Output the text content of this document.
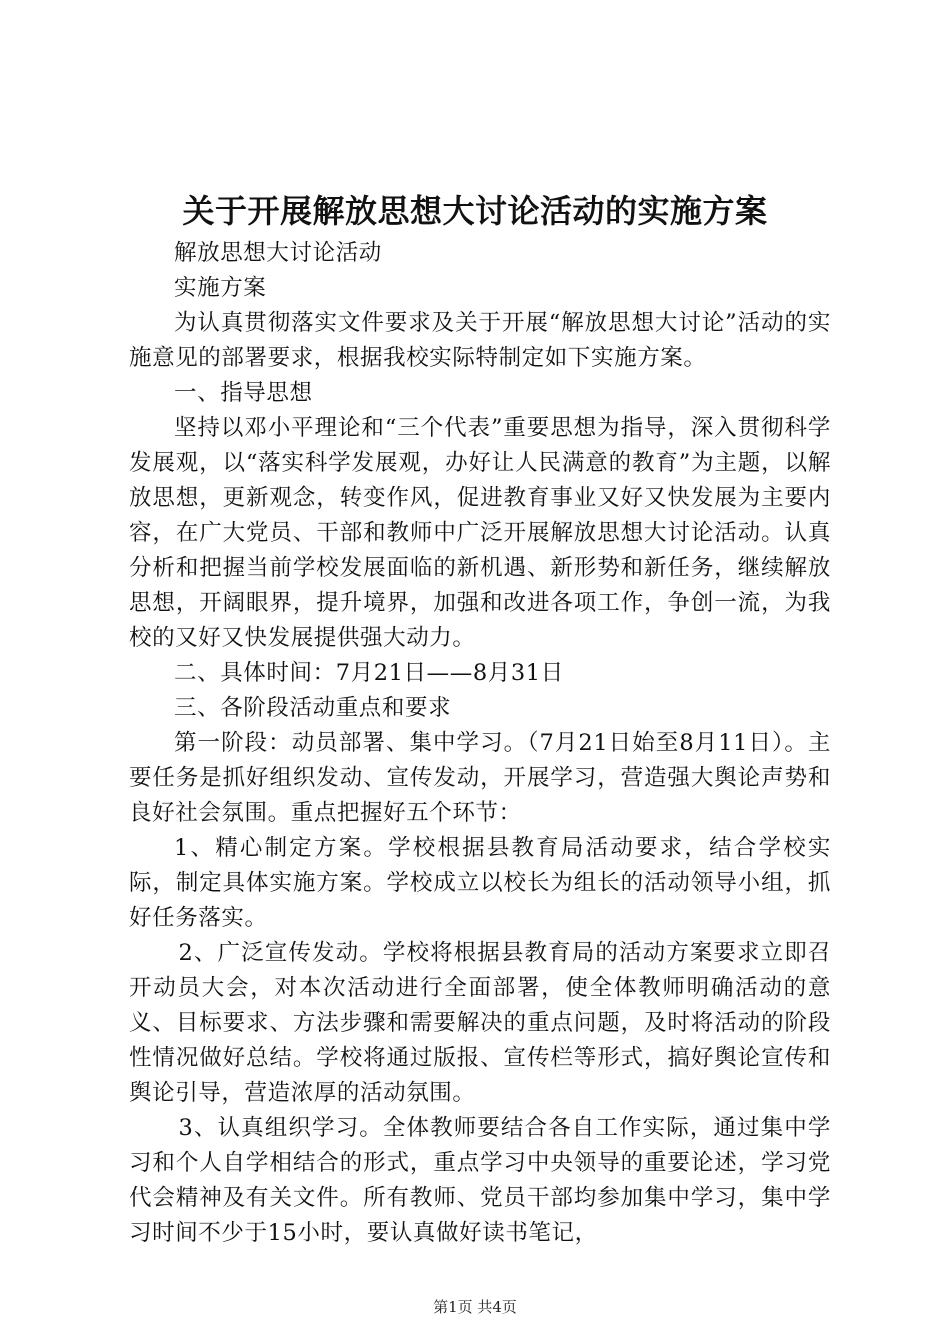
关于开展解放思想大讨论活动的实施方案

解放思想大讨论活动

实施方案

为认真贯彻落实文件要求及关于开展“解放思想大讨论”活动的实施意见的部署要求，根据我校实际特制定如下实施方案。

一、指导思想

坚持以邓小平理论和“三个代表”重要思想为指导，深入贯彻科学发展观，以“落实科学发展观，办好让人民满意的教育”为主题，以解放思想，更新观念，转变作风，促进教育事业又好又快发展为主要内容，在广大党员、干部和教师中广泛开展解放思想大讨论活动。认真分析和把握当前学校发展面临的新机遇、新形势和新任务，继续解放思想，开阔眼界，提升境界，加强和改进各项工作，争创一流，为我校的又好又快发展提供强大动力。

二、具体时间：7月21日——8月31日

三、各阶段活动重点和要求

第一阶段：动员部署、集中学习。（7月21日始至8月11日）。主要任务是抓好组织发动、宣传发动，开展学习，营造强大舆论声势和良好社会氛围。重点把握好五个环节：

1、精心制定方案。学校根据县教育局活动要求，结合学校实际，制定具体实施方案。学校成立以校长为组长的活动领导小组，抓好任务落实。

2、广泛宣传发动。学校将根据县教育局的活动方案要求立即召开动员大会，对本次活动进行全面部署，使全体教师明确活动的意义、目标要求、方法步骤和需要解决的重点问题，及时将活动的阶段性情况做好总结。学校将通过版报、宣传栏等形式，搞好舆论宣传和舆论引导，营造浓厚的活动氛围。

3、认真组织学习。全体教师要结合各自工作实际，通过集中学习和个人自学相结合的形式，重点学习中央领导的重要论述，学习党代会精神及有关文件。所有教师、党员干部均参加集中学习，集中学习时间不少于15小时，要认真做好读书笔记，

第1页 共4页
